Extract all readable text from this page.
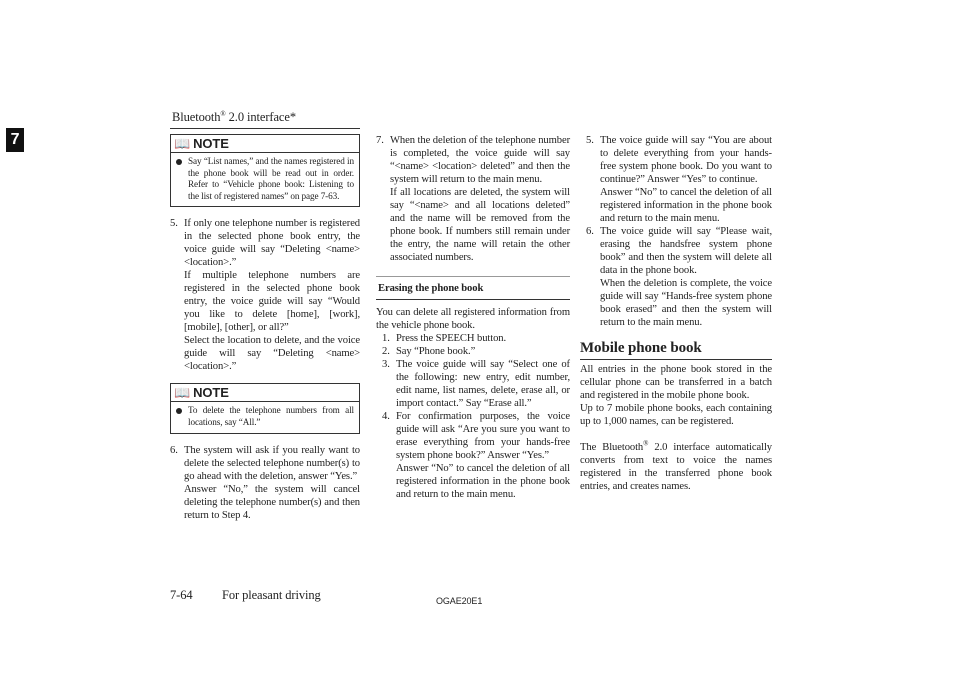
Bluetooth® 2.0 interface*
7	📖 NOTE
Say “List names,” and the names registered in the phone book will be read out in order. Refer to “Vehicle phone book: Listening to the list of registered names” on page 7-63.
5. If only one telephone number is registered in the selected phone book entry, the voice guide will say “Deleting <name> <location>.”

If multiple telephone numbers are registered in the selected phone book entry, the voice guide will say “Would you like to delete [home], [work], [mobile], [other], or all?”

Select the location to delete, and the voice guide will say “Deleting <name> <location>.”

📖 NOTE
To delete the telephone numbers from all locations, say “All.”
6. The system will ask if you really want to delete the selected telephone number(s) to go ahead with the deletion, answer “Yes.”

Answer “No,” the system will cancel deleting the telephone number(s) and then return to Step 4.

7. When the deletion of the telephone number is completed, the voice guide will say “<name> <location> deleted” and then the system will return to the main menu.

If all locations are deleted, the system will say “<name> and all locations deleted” and the name will be removed from the phone book. If numbers still remain under the entry, the name will retain the other associated numbers.

Erasing the phone book

You can delete all registered information from the vehicle phone book.

1. Press the SPEECH button.

2. Say “Phone book.”

3. The voice guide will say “Select one of the following: new entry, edit number, edit name, list names, delete, erase all, or import contact.” Say “Erase all.”

4. For confirmation purposes, the voice guide will ask “Are you sure you want to erase everything from your hands-free system phone book?” Answer “Yes.”

Answer “No” to cancel the deletion of all registered information in the phone book and return to the main menu.

5. The voice guide will say “You are about to delete everything from your hands-free system phone book. Do you want to continue?” Answer “Yes” to continue.

Answer “No” to cancel the deletion of all registered information in the phone book and return to the main menu.

6. The voice guide will say “Please wait, erasing the handsfree system phone book” and then the system will delete all data in the phone book.

When the deletion is complete, the voice guide will say “Hands-free system phone book erased” and then the system will return to the main menu.

Mobile phone book

All entries in the phone book stored in the cellular phone can be transferred in a batch and registered in the mobile phone book.

Up to 7 mobile phone books, each containing up to 1,000 names, can be registered.

The Bluetooth® 2.0 interface automatically converts from text to voice the names registered in the transferred phone book entries, and creates names.

7-64 For pleasant driving	OGAE20E1
